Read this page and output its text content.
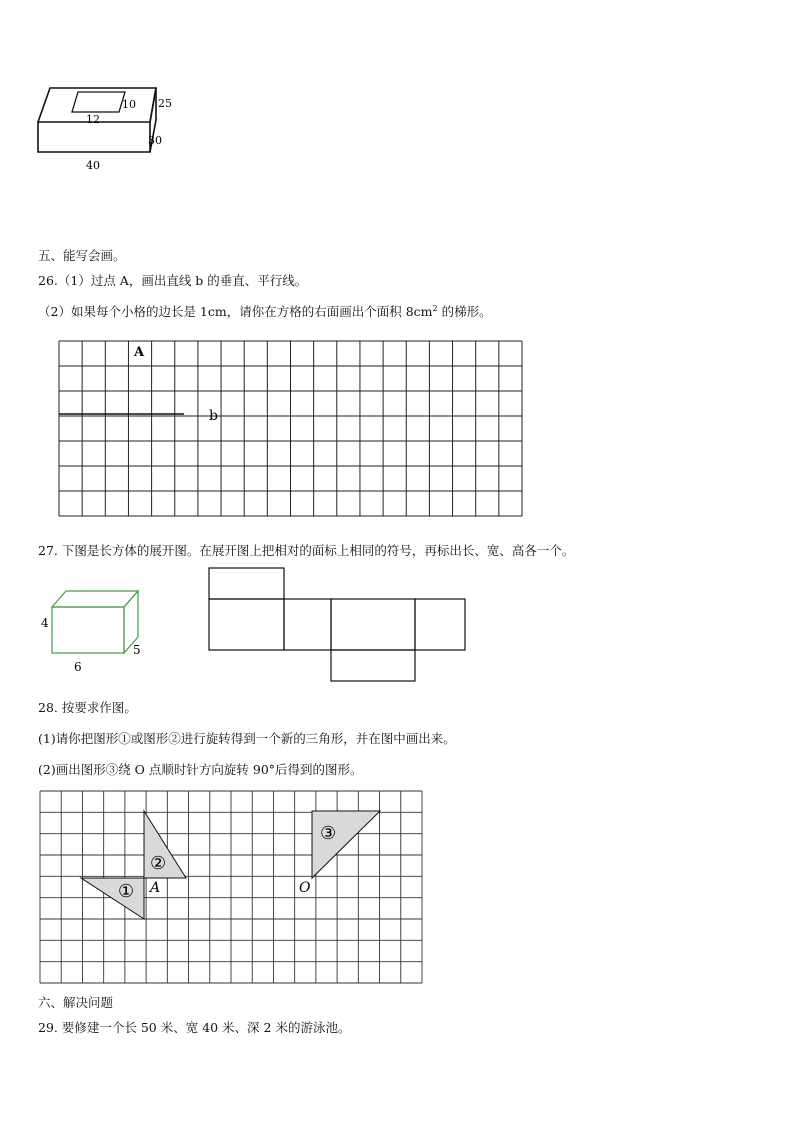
12
10 25
30
40
五、能写会画。
26.（1）过点 A，画出直线 b 的垂直、平行线。
（2）如果每个小格的边长是 1cm，请你在方格的右面画出个面积 $8cm^2$ 的梯形。
b
A
27. 下图是长方体的展开图。在展开图上把相对的面标上相同的符号，再标出长、宽、高各一个。
4
6
5
28. 按要求作图。
(1)请你把图形①或图形②进行旋转得到一个新的三角形，并在图中画出来。
(2)画出图形③绕 O 点顺时针方向旋转 90°后得到的图形。
①
②
A
③
O
六、解决问题
29. 要修建一个长 50 米、宽 40 米、深 2 米的游泳池。
